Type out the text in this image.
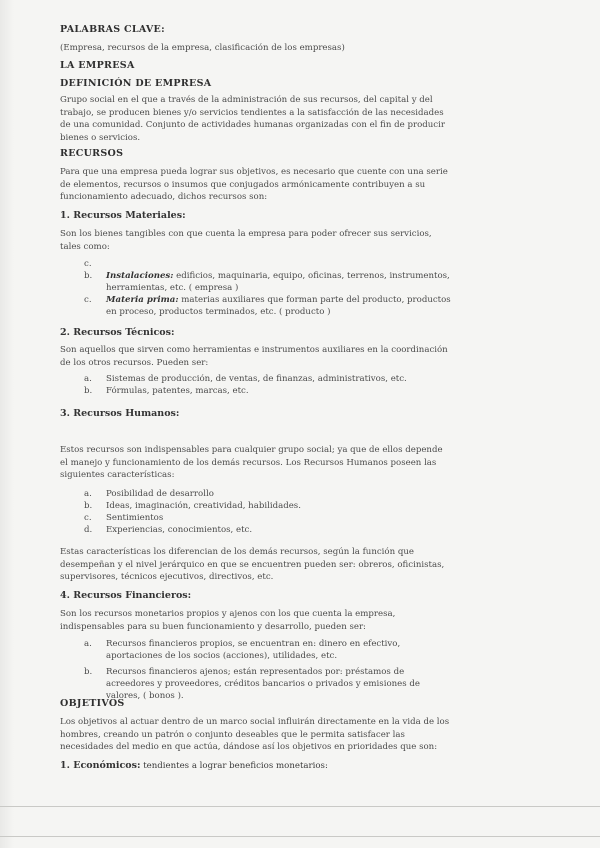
PALABRAS CLAVE:
(Empresa, recursos de la empresa, clasificación de los empresas)
LA EMPRESA
DEFINICIÓN DE EMPRESA

Grupo social en el que a través de la administración de sus recursos, del capital y del trabajo, se producen bienes y/o servicios tendientes a la satisfacción de las necesidades de una comunidad. Conjunto de actividades humanas organizadas con el fin de producir bienes o servicios.

RECURSOS

Para que una empresa pueda lograr sus objetivos, es necesario que cuente con una serie de elementos, recursos o insumos que conjugados armónicamente contribuyen a su funcionamiento adecuado, dichos recursos son:

1. Recursos Materiales:

Son los bienes tangibles con que cuenta la empresa para poder ofrecer sus servicios, tales como:

c.
b.	Instalaciones: edificios, maquinaria, equipo, oficinas, terrenos, instrumentos, herramientas, etc. ( empresa )
c.	Materia prima: materias auxiliares que forman parte del producto, productos en proceso, productos terminados, etc. ( producto )
2. Recursos Técnicos:

Son aquellos que sirven como herramientas e instrumentos auxiliares en la coordinación de los otros recursos. Pueden ser:

a.	Sistemas de producción, de ventas, de finanzas, administrativos, etc.
b.	Fórmulas, patentes, marcas, etc.
3. Recursos Humanos:

Estos recursos son indispensables para cualquier grupo social; ya que de ellos depende el manejo y funcionamiento de los demás recursos. Los Recursos Humanos poseen las siguientes características:

a.	Posibilidad de desarrollo
b.	Ideas, imaginación, creatividad, habilidades.
c.	Sentimientos
d.	Experiencias, conocimientos, etc.

Estas características los diferencian de los demás recursos, según la función que desempeñan y el nivel jerárquico en que se encuentren pueden ser: obreros, oficinistas, supervisores, técnicos ejecutivos, directivos, etc.

4. Recursos Financieros:

Son los recursos monetarios propios y ajenos con los que cuenta la empresa, indispensables para su buen funcionamiento y desarrollo, pueden ser:

a.	Recursos financieros propios, se encuentran en: dinero en efectivo, aportaciones de los socios (acciones), utilidades, etc.
b.	Recursos financieros ajenos; están representados por: préstamos de acreedores y proveedores, créditos bancarios o privados y emisiones de valores, ( bonos ).
OBJETIVOS

Los objetivos al actuar dentro de un marco social influirán directamente en la vida de los hombres, creando un patrón o conjunto deseables que le permita satisfacer las necesidades del medio en que actúa, dándose así los objetivos en prioridades que son:

1. Económicos: tendientes a lograr beneficios monetarios:
